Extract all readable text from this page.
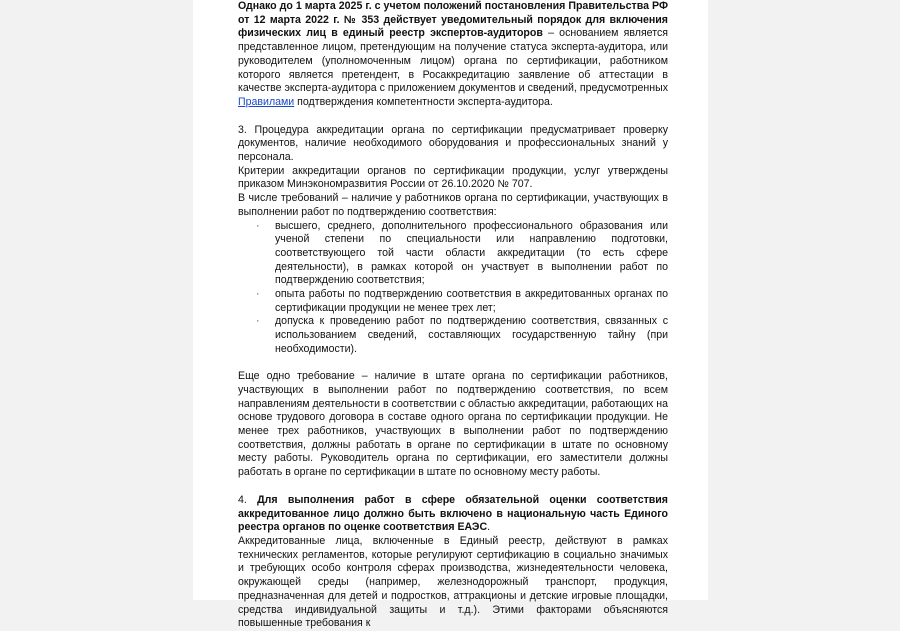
Однако до 1 марта 2025 г. с учетом положений постановления Правительства РФ от 12 марта 2022 г. № 353 действует уведомительный порядок для включения физических лиц в единый реестр экспертов-аудиторов – основанием является представленное лицом, претендующим на получение статуса эксперта-аудитора, или руководителем (уполномоченным лицом) органа по сертификации, работником которого является претендент, в Росаккредитацию заявление об аттестации в качестве эксперта-аудитора с приложением документов и сведений, предусмотренных Правилами подтверждения компетентности эксперта-аудитора.

3. Процедура аккредитации органа по сертификации предусматривает проверку документов, наличие необходимого оборудования и профессиональных знаний у персонала.

Критерии аккредитации органов по сертификации продукции, услуг утверждены приказом Минэкономразвития России от 26.10.2020 № 707.

В числе требований – наличие у работников органа по сертификации, участвующих в выполнении работ по подтверждению соответствия:

· высшего, среднего, дополнительного профессионального образования или ученой степени по специальности или направлению подготовки, соответствующего той части области аккредитации (то есть сфере деятельности), в рамках которой он участвует в выполнении работ по подтверждению соответствия;
· опыта работы по подтверждению соответствия в аккредитованных органах по сертификации продукции не менее трех лет;
· допуска к проведению работ по подтверждению соответствия, связанных с использованием сведений, составляющих государственную тайну (при необходимости).

Еще одно требование – наличие в штате органа по сертификации работников, участвующих в выполнении работ по подтверждению соответствия, по всем направлениям деятельности в соответствии с областью аккредитации, работающих на основе трудового договора в составе одного органа по сертификации продукции. Не менее трех работников, участвующих в выполнении работ по подтверждению соответствия, должны работать в органе по сертификации в штате по основному месту работы. Руководитель органа по сертификации, его заместители должны работать в органе по сертификации в штате по основному месту работы.

4. Для выполнения работ в сфере обязательной оценки соответствия аккредитованное лицо должно быть включено в национальную часть Единого реестра органов по оценке соответствия ЕАЭС.

Аккредитованные лица, включенные в Единый реестр, действуют в рамках технических регламентов, которые регулируют сертификацию в социально значимых и требующих особо контроля сферах производства, жизнедеятельности человека, окружающей среды (например, железнодорожный транспорт, продукция, предназначенная для детей и подростков, аттракционы и детские игровые площадки, средства индивидуальной защиты и т.д.). Этими факторами объясняются повышенные требования к
